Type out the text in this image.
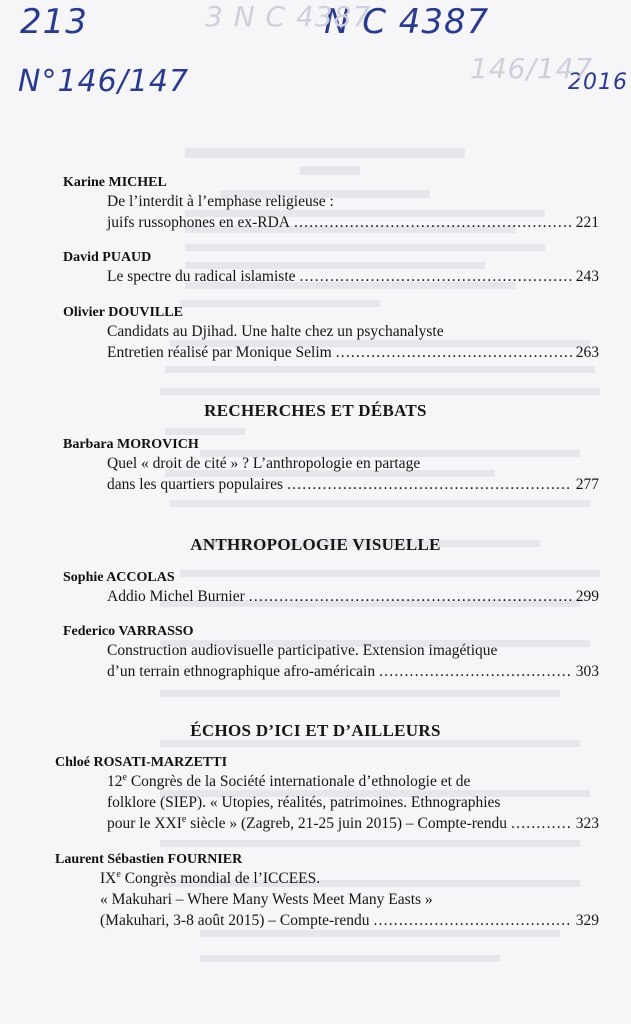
213	N C 4387
N°146/147	2016
3 N C 4387
146/147
Karine MICHEL
De l’interdit à l’emphase religieuse :
juifs russophones en ex-RDA .....	221
David PUAUD
Le spectre du radical islamiste .....	243
Olivier DOUVILLE
Candidats au Djihad. Une halte chez un psychanalyste
Entretien réalisé par Monique Selim .....	263
RECHERCHES ET DÉBATS
Barbara MOROVICH
Quel « droit de cité » ? L’anthropologie en partage
dans les quartiers populaires .....	277
ANTHROPOLOGIE VISUELLE
Sophie ACCOLAS
Addio Michel Burnier .....	299
Federico VARRASSO
Construction audiovisuelle participative. Extension imagétique
d’un terrain ethnographique afro-américain .....	303
ÉCHOS D’ICI ET D’AILLEURS
Chloé ROSATI-MARZETTI
12e Congrès de la Société internationale d’ethnologie et de
folklore (SIEP). « Utopies, réalités, patrimoines. Ethnographies
pour le XXIe siècle » (Zagreb, 21-25 juin 2015) – Compte-rendu .....	323
Laurent Sébastien FOURNIER
IXe Congrès mondial de l’ICCEES.
« Makuhari – Where Many Wests Meet Many Easts »
(Makuhari, 3-8 août 2015) – Compte-rendu .....	329
